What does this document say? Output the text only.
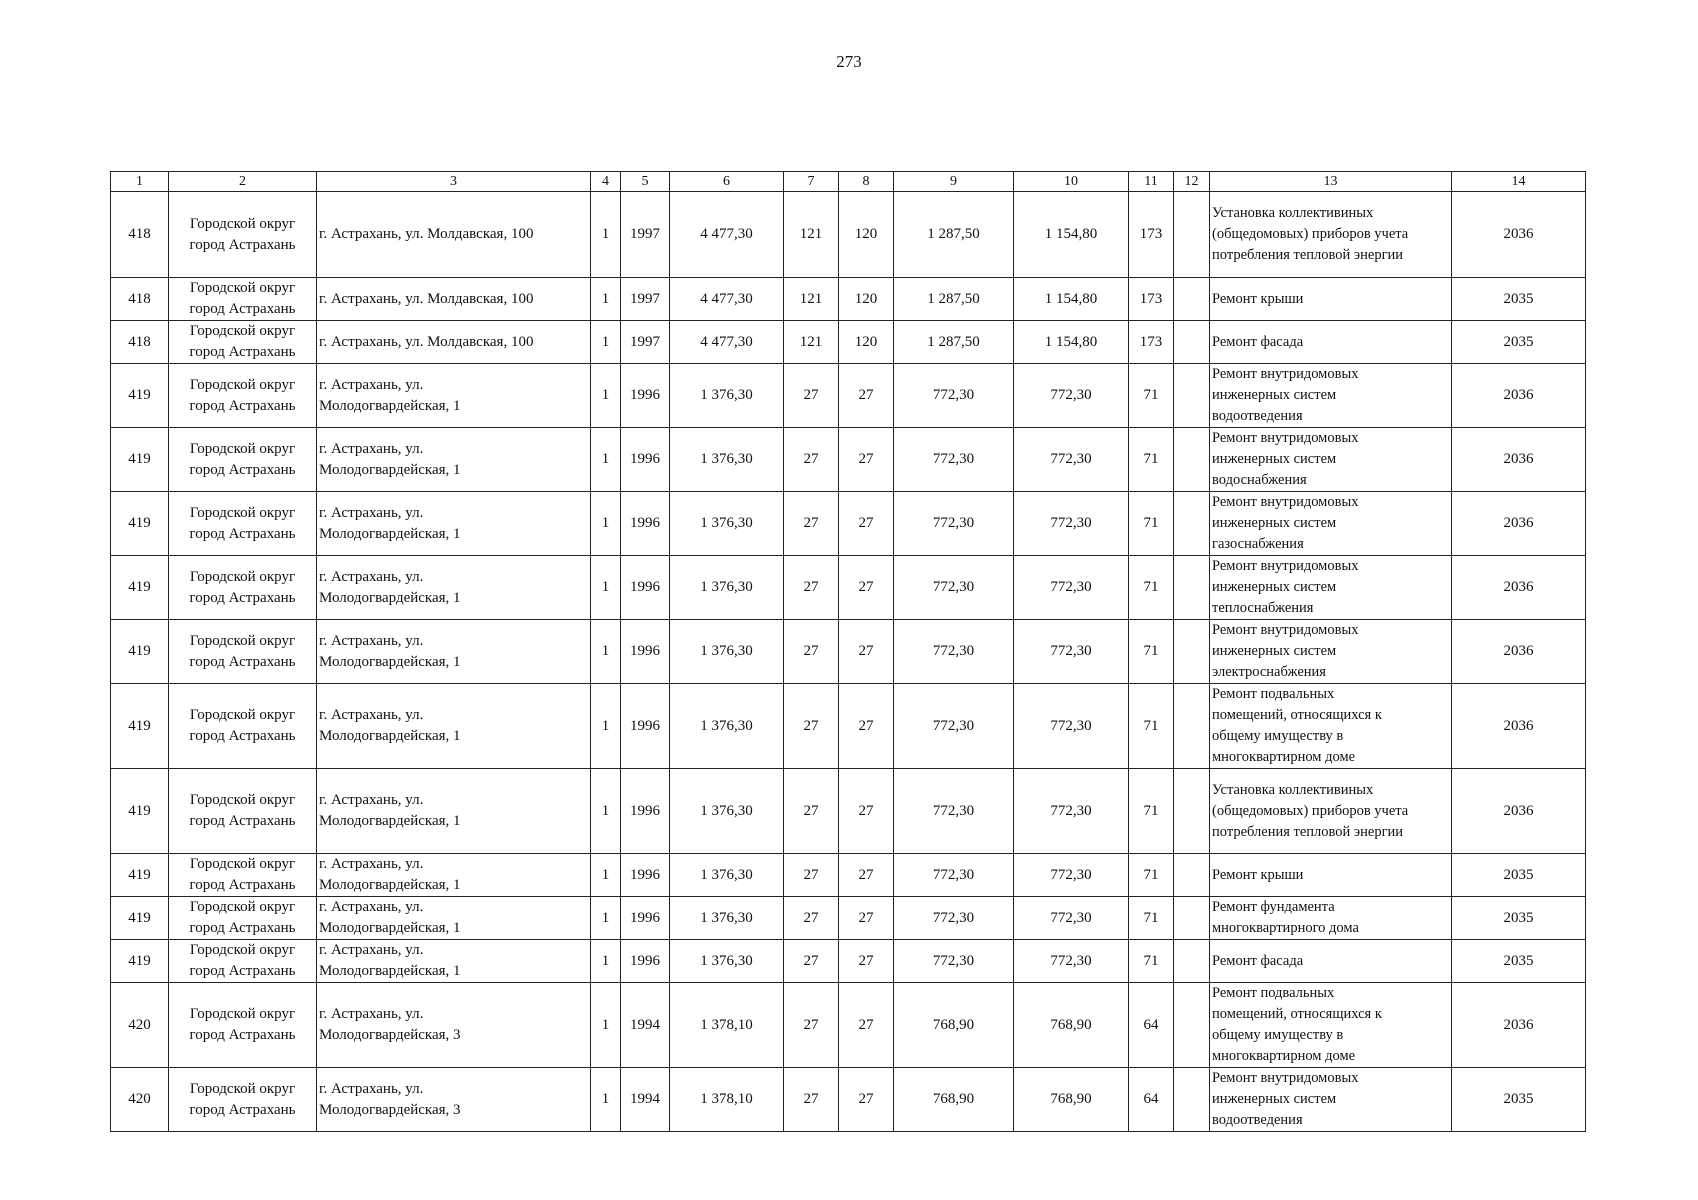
273
1	2	3	4	5	6	7	8	9	10	11	12	13	14
418	Городской округ
город Астрахань	г. Астрахань, ул. Молдавская, 100	1	1997	4 477,30	121	120	1 287,50	1 154,80	173		Установка коллективиных
(общедомовых) приборов учета
потребления тепловой энергии	2036
418	Городской округ
город Астрахань	г. Астрахань, ул. Молдавская, 100	1	1997	4 477,30	121	120	1 287,50	1 154,80	173		Ремонт крыши	2035
418	Городской округ
город Астрахань	г. Астрахань, ул. Молдавская, 100	1	1997	4 477,30	121	120	1 287,50	1 154,80	173		Ремонт фасада	2035
419	Городской округ
город Астрахань	г. Астрахань, ул.
Молодогвардейская, 1	1	1996	1 376,30	27	27	772,30	772,30	71		Ремонт внутридомовых
инженерных систем
водоотведения	2036
419	Городской округ
город Астрахань	г. Астрахань, ул.
Молодогвардейская, 1	1	1996	1 376,30	27	27	772,30	772,30	71		Ремонт внутридомовых
инженерных систем
водоснабжения	2036
419	Городской округ
город Астрахань	г. Астрахань, ул.
Молодогвардейская, 1	1	1996	1 376,30	27	27	772,30	772,30	71		Ремонт внутридомовых
инженерных систем
газоснабжения	2036
419	Городской округ
город Астрахань	г. Астрахань, ул.
Молодогвардейская, 1	1	1996	1 376,30	27	27	772,30	772,30	71		Ремонт внутридомовых
инженерных систем
теплоснабжения	2036
419	Городской округ
город Астрахань	г. Астрахань, ул.
Молодогвардейская, 1	1	1996	1 376,30	27	27	772,30	772,30	71		Ремонт внутридомовых
инженерных систем
электроснабжения	2036
419	Городской округ
город Астрахань	г. Астрахань, ул.
Молодогвардейская, 1	1	1996	1 376,30	27	27	772,30	772,30	71		Ремонт подвальных
помещений, относящихся к
общему имуществу в
многоквартирном доме	2036
419	Городской округ
город Астрахань	г. Астрахань, ул.
Молодогвардейская, 1	1	1996	1 376,30	27	27	772,30	772,30	71		Установка коллективиных
(общедомовых) приборов учета
потребления тепловой энергии	2036
419	Городской округ
город Астрахань	г. Астрахань, ул.
Молодогвардейская, 1	1	1996	1 376,30	27	27	772,30	772,30	71		Ремонт крыши	2035
419	Городской округ
город Астрахань	г. Астрахань, ул.
Молодогвардейская, 1	1	1996	1 376,30	27	27	772,30	772,30	71		Ремонт фундамента
многоквартирного дома	2035
419	Городской округ
город Астрахань	г. Астрахань, ул.
Молодогвардейская, 1	1	1996	1 376,30	27	27	772,30	772,30	71		Ремонт фасада	2035
420	Городской округ
город Астрахань	г. Астрахань, ул.
Молодогвардейская, 3	1	1994	1 378,10	27	27	768,90	768,90	64		Ремонт подвальных
помещений, относящихся к
общему имуществу в
многоквартирном доме	2036
420	Городской округ
город Астрахань	г. Астрахань, ул.
Молодогвардейская, 3	1	1994	1 378,10	27	27	768,90	768,90	64		Ремонт внутридомовых
инженерных систем
водоотведения	2035
